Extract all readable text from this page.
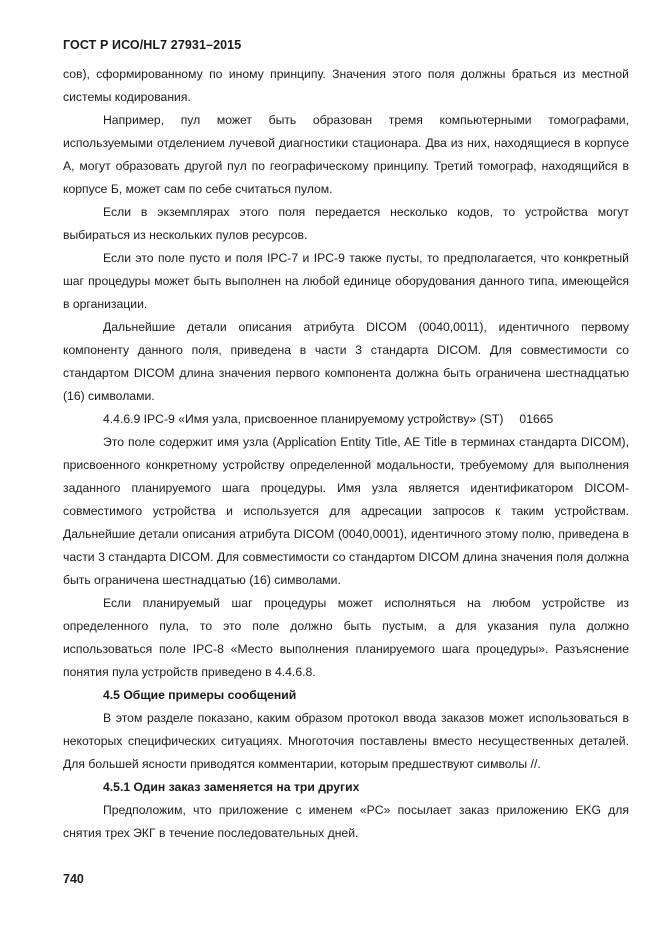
ГОСТ Р ИСО/HL7 27931–2015

сов), сформированному по иному принципу. Значения этого поля должны браться из местной системы кодирования.

Например, пул может быть образован тремя компьютерными томографами, используемыми отделением лучевой диагностики стационара. Два из них, находящиеся в корпусе А, могут образовать другой пул по географическому принципу. Третий томограф, находящийся в корпусе Б, может сам по себе считаться пулом.

Если в экземплярах этого поля передается несколько кодов, то устройства могут выбираться из нескольких пулов ресурсов.

Если это поле пусто и поля IPC-7 и IPC-9 также пусты, то предполагается, что конкретный шаг процедуры может быть выполнен на любой единице оборудования данного типа, имеющейся в организации.

Дальнейшие детали описания атрибута DICOM (0040,0011), идентичного первому компоненту данного поля, приведена в части 3 стандарта DICOM. Для совместимости со стандартом DICOM длина значения первого компонента должна быть ограничена шестнадцатью (16) символами.

4.4.6.9 IPC-9 «Имя узла, присвоенное планируемому устройству» (ST) 01665

Это поле содержит имя узла (Application Entity Title, AE Title в терминах стандарта DICOM), присвоенного конкретному устройству определенной модальности, требуемому для выполнения заданного планируемого шага процедуры. Имя узла является идентификатором DICOM-совместимого устройства и используется для адресации запросов к таким устройствам. Дальнейшие детали описания атрибута DICOM (0040,0001), идентичного этому полю, приведена в части 3 стандарта DICOM. Для совместимости со стандартом DICOM длина значения поля должна быть ограничена шестнадцатью (16) символами.

Если планируемый шаг процедуры может исполняться на любом устройстве из определенного пула, то это поле должно быть пустым, а для указания пула должно использоваться поле IPC-8 «Место выполнения планируемого шага процедуры». Разъяснение понятия пула устройств приведено в 4.4.6.8.

4.5 Общие примеры сообщений

В этом разделе показано, каким образом протокол ввода заказов может использоваться в некоторых специфических ситуациях. Многоточия поставлены вместо несущественных деталей. Для большей ясности приводятся комментарии, которым предшествуют символы //.

4.5.1 Один заказ заменяется на три других

Предположим, что приложение с именем «PC» посылает заказ приложению EKG для снятия трех ЭКГ в течение последовательных дней.

740
